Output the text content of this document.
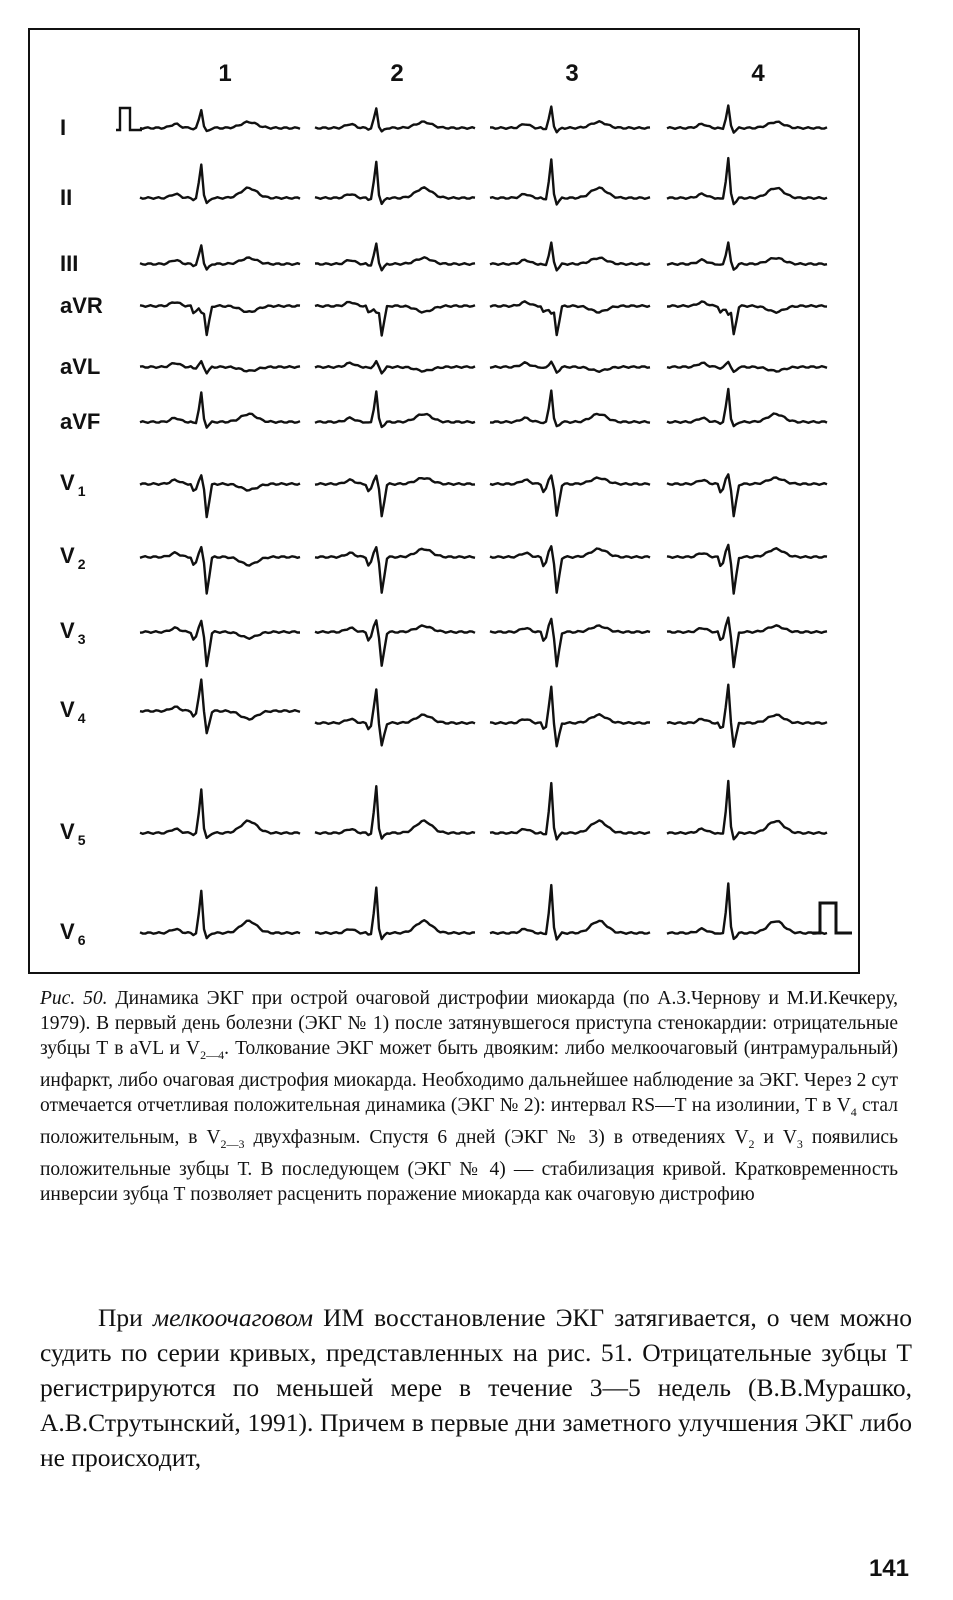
1	2	3	4
I
II
III
aVR
aVL
aVF
V $_1$
V $_2$
V $_3$
V $_4$
V $_5$
V $_6$
Рис. 50. Динамика ЭКГ при острой очаговой дистрофии миокарда (по А.З.Чернову и М.И.Кечкеру, 1979). В первый день болезни (ЭКГ № 1) после затянувшегося приступа стенокардии: отрицательные зубцы Т в aVL и $V_{2—4}$. Толкование ЭКГ может быть двояким: либо мелкоочаговый (интрамуральный) инфаркт, либо очаговая дистрофия миокарда. Необходимо дальнейшее наблюдение за ЭКГ. Через 2 сут отмечается отчетливая положительная динамика (ЭКГ № 2): интервал RS—Т на изолинии, Т в $V_4$ стал положительным, в $V_{2—3}$ двухфазным. Спустя 6 дней (ЭКГ № 3) в отведениях $V_2$ и $V_3$ появились положительные зубцы Т. В последующем (ЭКГ № 4) — стабилизация кривой. Кратковременность инверсии зубца Т позволяет расценить поражение миокарда как очаговую дистрофию
При мелкоочаговом ИМ восстановление ЭКГ затягивается, о чем можно судить по серии кривых, представленных на рис. 51. Отрицательные зубцы Т регистрируются по меньшей мере в течение 3—5 недель (В.В.Мурашко, А.В.Струтынский, 1991). Причем в первые дни заметного улучшения ЭКГ либо не происходит,
141
